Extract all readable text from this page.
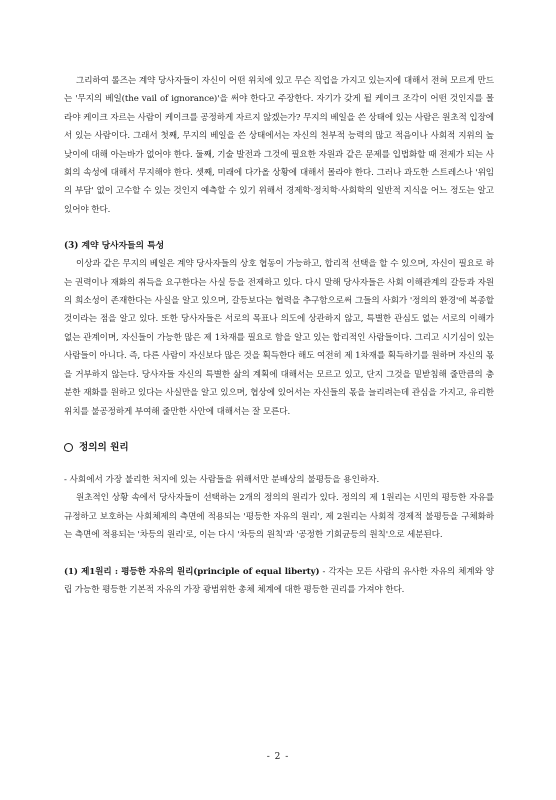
그리하여 롤즈는 계약 당사자들이 자신이 어떤 위치에 있고 무슨 직업을 가지고 있는지에 대해서 전혀 모르게 만드는 '무지의 베일(the vail of ignorance)'을 써야 한다고 주장한다. 자기가 갖게 될 케이크 조각이 어떤 것인지를 몰라야 케이크 자르는 사람이 케이크를 공정하게 자르지 않겠는가? 무지의 베일을 쓴 상태에 있는 사람은 원초적 입장에 서 있는 사람이다. 그래서 첫째, 무지의 베일을 쓴 상태에서는 자신의 천부적 능력의 많고 적음이나 사회적 지위의 높낮이에 대해 아는바가 없어야 한다. 둘째, 기술 발전과 그것에 필요한 자원과 같은 문제를 입법화할 때 전제가 되는 사회의 속성에 대해서 무지해야 한다. 셋째, 미래에 다가올 상황에 대해서 몰라야 한다. 그러나 과도한 스트레스나 '위임의 부담' 없이 고수할 수 있는 것인지 예측할 수 있기 위해서 경제학·정치학·사회학의 일반적 지식을 어느 정도는 알고 있어야 한다.

(3) 계약 당사자들의 특성

이상과 같은 무지의 베일은 계약 당사자들의 상호 협동이 가능하고, 합리적 선택을 할 수 있으며, 자신이 필요로 하는 권력이나 재화의 취득을 요구한다는 사실 등을 전제하고 있다. 다시 말해 당사자들은 사회 이해관계의 갈등과 자원의 희소성이 존재한다는 사실을 알고 있으며, 갈등보다는 협력을 추구함으로써 그들의 사회가 '정의의 환경'에 복종할 것이라는 점을 알고 있다. 또한 당사자들은 서로의 목표나 의도에 상관하지 않고, 특별한 관심도 없는 서로의 이해가 없는 관계이며, 자신들이 가능한 많은 제 1차재를 필요로 함을 알고 있는 합리적인 사람들이다. 그리고 시기심이 있는 사람들이 아니다. 즉, 다른 사람이 자신보다 많은 것을 획득한다 해도 여전히 제 1차재를 획득하기를 원하며 자신의 몫을 거부하지 않는다. 당사자들 자신의 특별한 삶의 계획에 대해서는 모르고 있고, 단지 그것을 밑받침해 줄만큼의 충분한 재화를 원하고 있다는 사실만을 알고 있으며, 협상에 있어서는 자신들의 몫을 늘리려는데 관심을 가지고, 유리한 위치를 불공정하게 부여해 줄만한 사안에 대해서는 잘 모른다.

정의의 원리

- 사회에서 가장 불리한 처지에 있는 사람들을 위해서만 분배상의 불평등을 용인하자.

원초적인 상황 속에서 당사자들이 선택하는 2개의 정의의 원리가 있다. 정의의 제 1원리는 시민의 평등한 자유를 규정하고 보호하는 사회체제의 측면에 적용되는 '평등한 자유의 원리', 제 2원리는 사회적 경제적 불평등을 구체화하는 측면에 적용되는 '차등의 원리'로, 이는 다시 '차등의 원칙'과 '공정한 기회균등의 원칙'으로 세분된다.

(1) 제1원리 : 평등한 자유의 원리(principle of equal liberty) - 각자는 모든 사람의 유사한 자유의 체계와 양립 가능한 평등한 기본적 자유의 가장 광범위한 총체 체계에 대한 평등한 권리를 가져야 한다.

- 2 -
